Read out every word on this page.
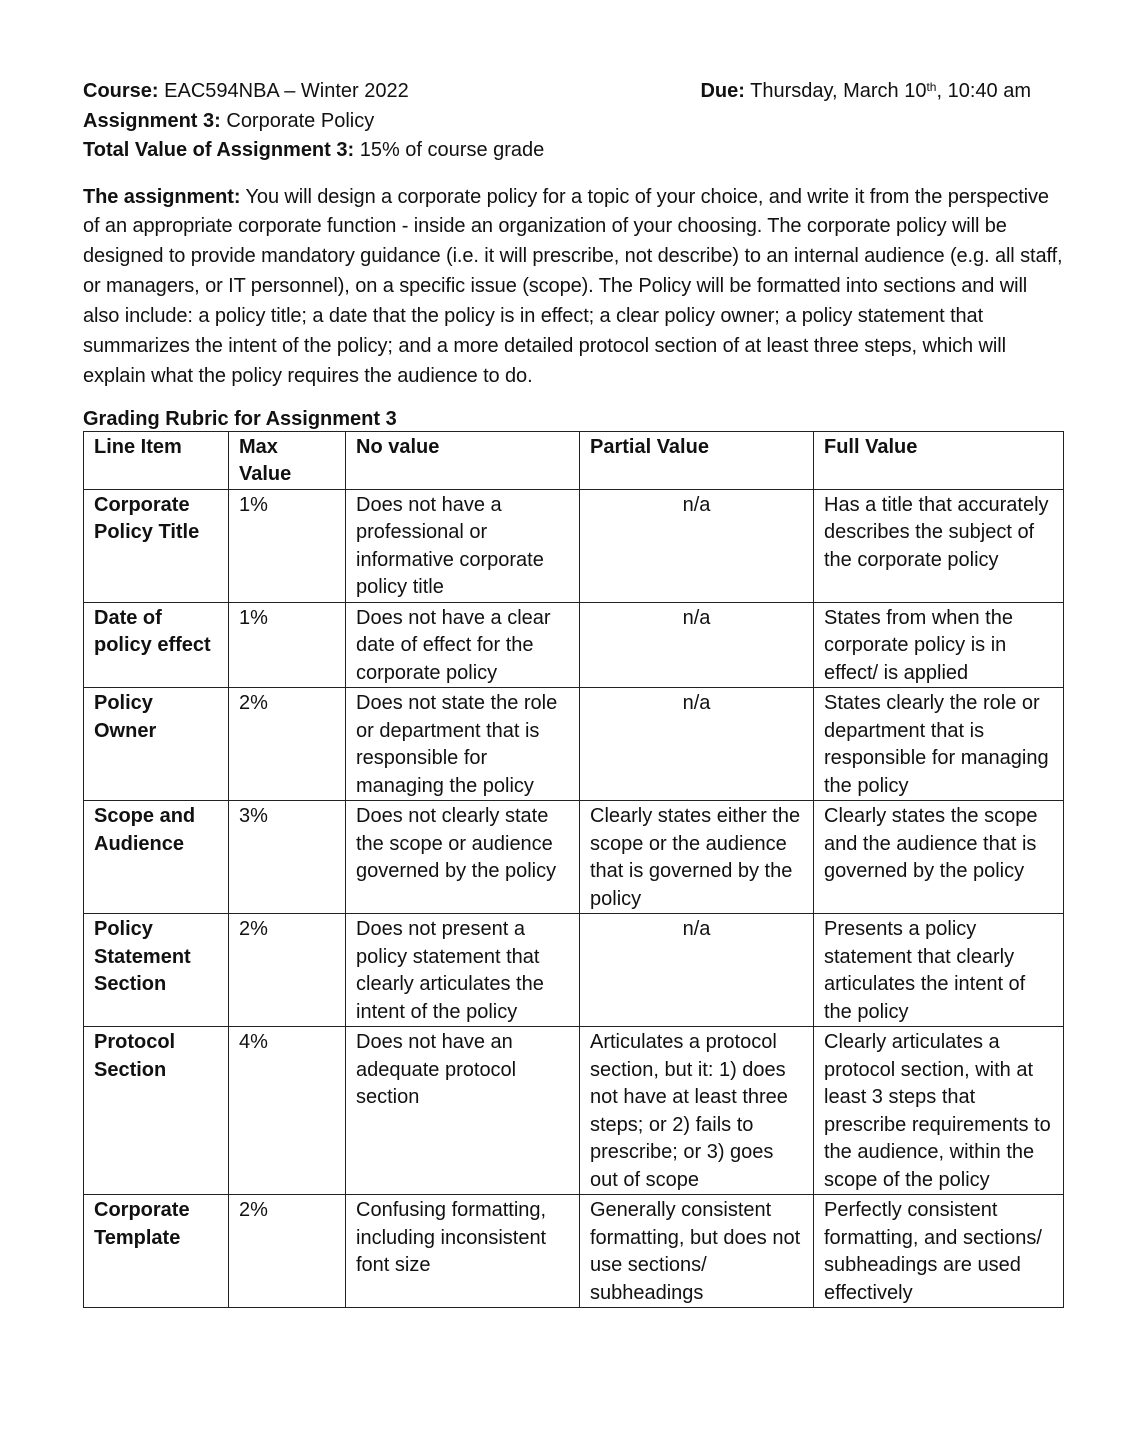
Course: EAC594NBA – Winter 2022	Due: Thursday, March 10th, 10:40 am
Assignment 3: Corporate Policy
Total Value of Assignment 3: 15% of course grade
The assignment: You will design a corporate policy for a topic of your choice, and write it from the perspective of an appropriate corporate function - inside an organization of your choosing. The corporate policy will be designed to provide mandatory guidance (i.e. it will prescribe, not describe) to an internal audience (e.g. all staff, or managers, or IT personnel), on a specific issue (scope). The Policy will be formatted into sections and will also include: a policy title; a date that the policy is in effect; a clear policy owner; a policy statement that summarizes the intent of the policy; and a more detailed protocol section of at least three steps, which will explain what the policy requires the audience to do.
Grading Rubric for Assignment 3
Line Item	Max Value	No value	Partial Value	Full Value
Corporate Policy Title	1%	Does not have a professional or informative corporate policy title	n/a	Has a title that accurately describes the subject of the corporate policy
Date of policy effect	1%	Does not have a clear date of effect for the corporate policy	n/a	States from when the corporate policy is in effect/ is applied
Policy Owner	2%	Does not state the role or department that is responsible for managing the policy	n/a	States clearly the role or department that is responsible for managing the policy
Scope and Audience	3%	Does not clearly state the scope or audience governed by the policy	Clearly states either the scope or the audience that is governed by the policy	Clearly states the scope and the audience that is governed by the policy
Policy Statement Section	2%	Does not present a policy statement that clearly articulates the intent of the policy	n/a	Presents a policy statement that clearly articulates the intent of the policy
Protocol Section	4%	Does not have an adequate protocol section	Articulates a protocol section, but it: 1) does not have at least three steps; or 2) fails to prescribe; or 3) goes out of scope	Clearly articulates a protocol section, with at least 3 steps that prescribe requirements to the audience, within the scope of the policy
Corporate Template	2%	Confusing formatting, including inconsistent font size	Generally consistent formatting, but does not use sections/ subheadings	Perfectly consistent formatting, and sections/ subheadings are used effectively
